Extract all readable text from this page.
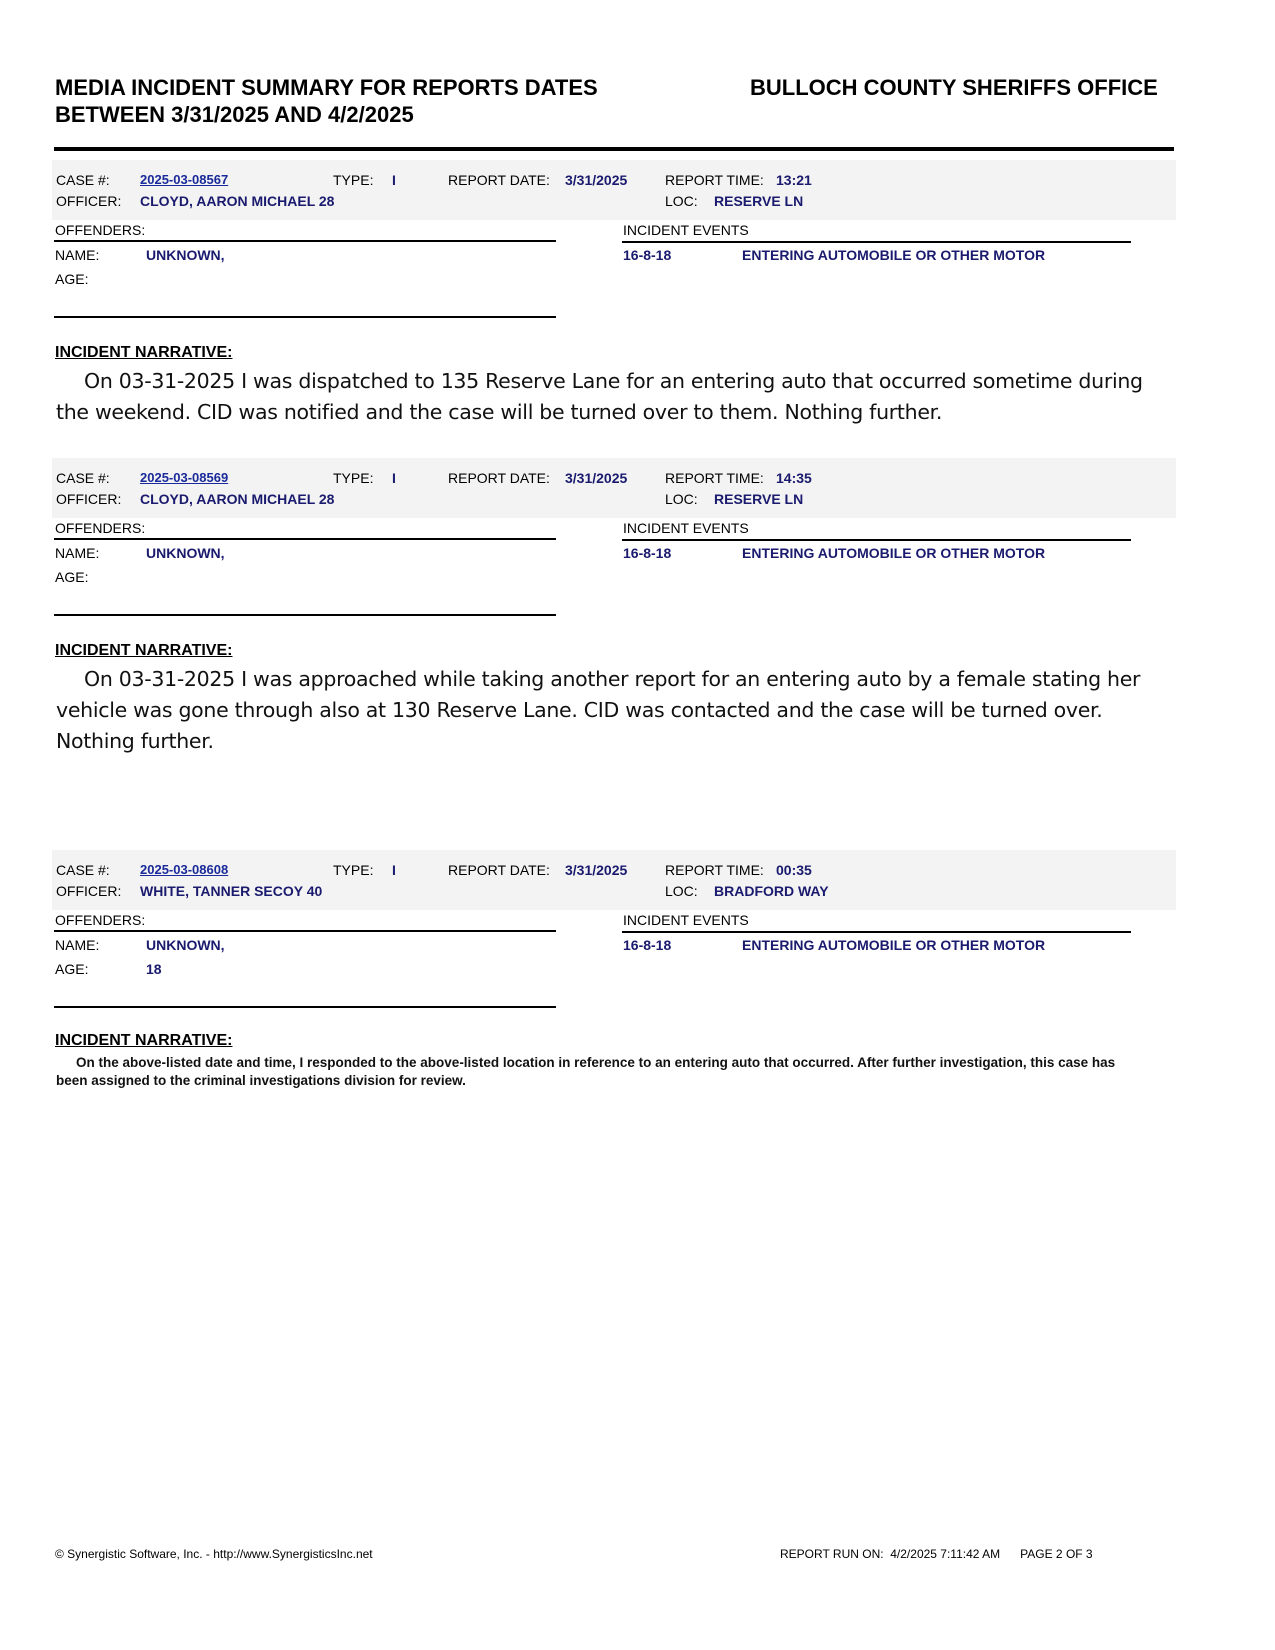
MEDIA INCIDENT SUMMARY FOR REPORTS DATES
BETWEEN 3/31/2025 AND 4/2/2025
BULLOCH COUNTY SHERIFFS OFFICE
CASE #: 2025-03-08567	TYPE: I	REPORT DATE: 3/31/2025	REPORT TIME: 13:21
OFFICER: CLOYD, AARON MICHAEL 28	LOC: RESERVE LN
OFFENDERS:
NAME:	UNKNOWN,
AGE:
INCIDENT EVENTS
16-8-18	ENTERING AUTOMOBILE OR OTHER MOTOR
INCIDENT NARRATIVE:
On 03-31-2025 I was dispatched to 135 Reserve Lane for an entering auto that occurred sometime during the weekend. CID was notified and the case will be turned over to them. Nothing further.
CASE #: 2025-03-08569	TYPE: I	REPORT DATE: 3/31/2025	REPORT TIME: 14:35
OFFICER: CLOYD, AARON MICHAEL 28	LOC: RESERVE LN
OFFENDERS:
NAME:	UNKNOWN,
AGE:
INCIDENT EVENTS
16-8-18	ENTERING AUTOMOBILE OR OTHER MOTOR
INCIDENT NARRATIVE:
On 03-31-2025 I was approached while taking another report for an entering auto by a female stating her vehicle was gone through also at 130 Reserve Lane. CID was contacted and the case will be turned over. Nothing further.
CASE #: 2025-03-08608	TYPE: I	REPORT DATE: 3/31/2025	REPORT TIME: 00:35
OFFICER: WHITE, TANNER SECOY 40	LOC: BRADFORD WAY
OFFENDERS:
NAME:	UNKNOWN,
AGE:	18
INCIDENT EVENTS
16-8-18	ENTERING AUTOMOBILE OR OTHER MOTOR
INCIDENT NARRATIVE:
On the above-listed date and time, I responded to the above-listed location in reference to an entering auto that occurred. After further investigation, this case has been assigned to the criminal investigations division for review.
© Synergistic Software, Inc. - http://www.SynergisticsInc.net	REPORT RUN ON: 4/2/2025 7:11:42 AM PAGE 2 OF 3
